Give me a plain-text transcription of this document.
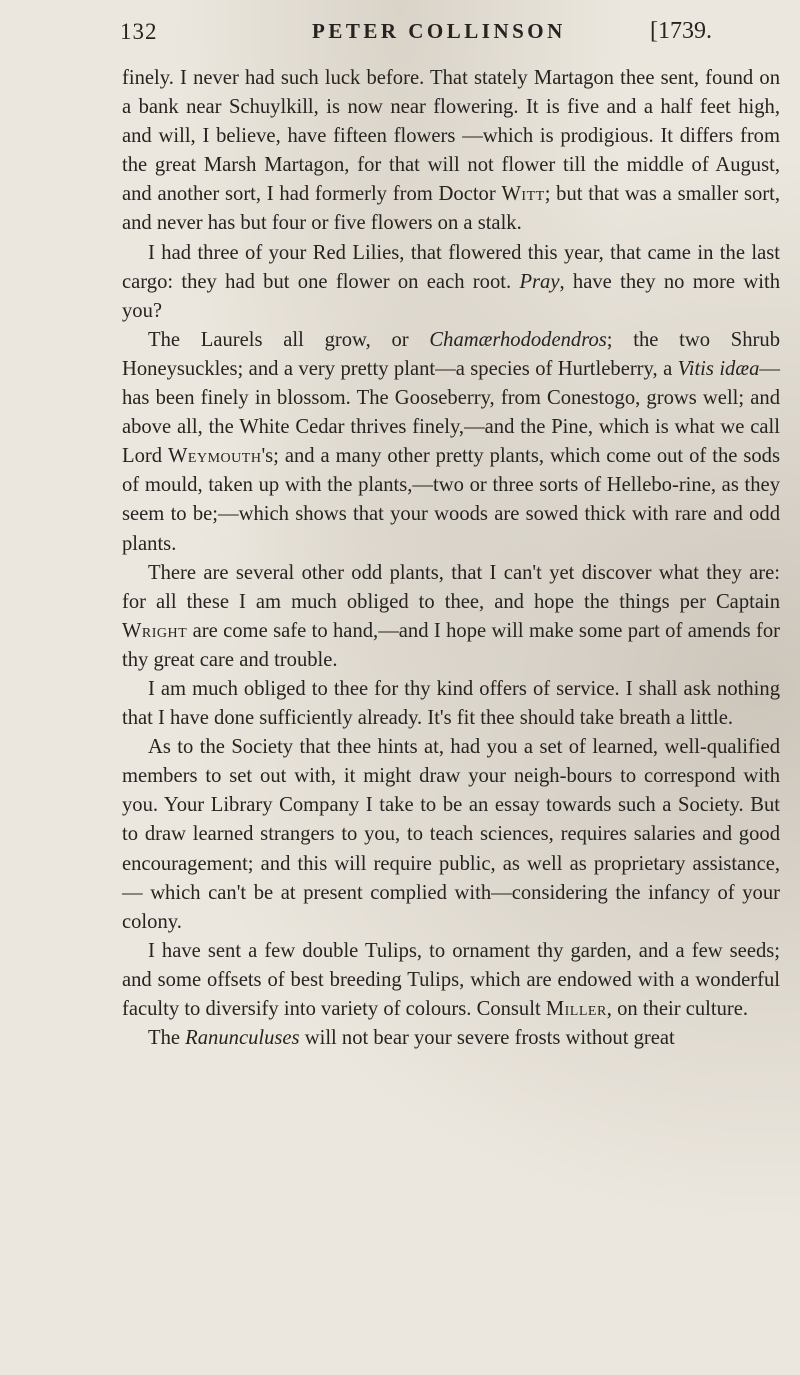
132	PETER COLLINSON	[1739.

finely. I never had such luck before. That stately Martagon thee sent, found on a bank near Schuylkill, is now near flowering. It is five and a half feet high, and will, I believe, have fifteen flowers —which is prodigious. It differs from the great Marsh Martagon, for that will not flower till the middle of August, and another sort, I had formerly from Doctor Witt; but that was a smaller sort, and never has but four or five flowers on a stalk.

I had three of your Red Lilies, that flowered this year, that came in the last cargo: they had but one flower on each root. Pray, have they no more with you?

The Laurels all grow, or Chamærhododendros; the two Shrub Honeysuckles; and a very pretty plant—a species of Hurtleberry, a Vitis idæa—has been finely in blossom. The Gooseberry, from Conestogo, grows well; and above all, the White Cedar thrives finely,—and the Pine, which is what we call Lord Weymouth's; and a many other pretty plants, which come out of the sods of mould, taken up with the plants,—two or three sorts of Hellebo-rine, as they seem to be;—which shows that your woods are sowed thick with rare and odd plants.

There are several other odd plants, that I can't yet discover what they are: for all these I am much obliged to thee, and hope the things per Captain Wright are come safe to hand,—and I hope will make some part of amends for thy great care and trouble.

I am much obliged to thee for thy kind offers of service. I shall ask nothing that I have done sufficiently already. It's fit thee should take breath a little.

As to the Society that thee hints at, had you a set of learned, well-qualified members to set out with, it might draw your neigh-bours to correspond with you. Your Library Company I take to be an essay towards such a Society. But to draw learned strangers to you, to teach sciences, requires salaries and good encouragement; and this will require public, as well as proprietary assistance,— which can't be at present complied with—considering the infancy of your colony.

I have sent a few double Tulips, to ornament thy garden, and a few seeds; and some offsets of best breeding Tulips, which are endowed with a wonderful faculty to diversify into variety of colours. Consult Miller, on their culture.

The Ranunculuses will not bear your severe frosts without great
